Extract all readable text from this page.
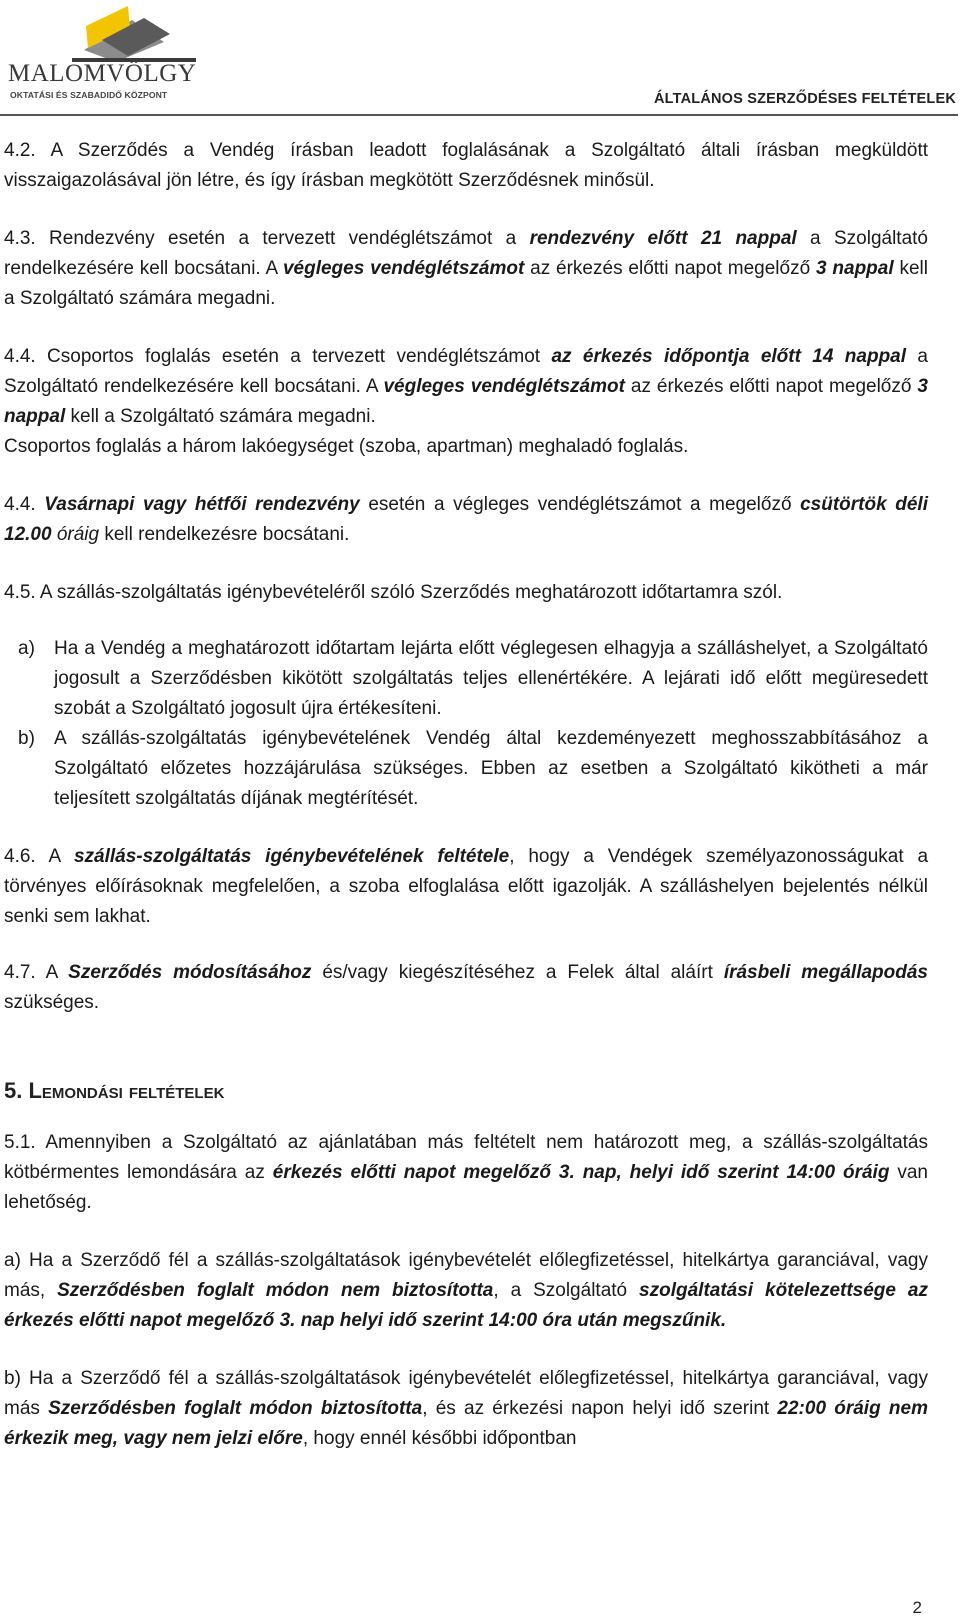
MALOMVÖLGY
OKTATÁSI ÉS SZABADIDŐ KÖZPONT	ÁLTALÁNOS SZERZŐDÉSES FELTÉTELEK

4.2. A Szerződés a Vendég írásban leadott foglalásának a Szolgáltató általi írásban megküldött visszaigazolásával jön létre, és így írásban megkötött Szerződésnek minősül.

4.3. Rendezvény esetén a tervezett vendéglétszámot a rendezvény előtt 21 nappal a Szolgáltató rendelkezésére kell bocsátani. A végleges vendéglétszámot az érkezés előtti napot megelőző 3 nappal kell a Szolgáltató számára megadni.

4.4. Csoportos foglalás esetén a tervezett vendéglétszámot az érkezés időpontja előtt 14 nappal a Szolgáltató rendelkezésére kell bocsátani. A végleges vendéglétszámot az érkezés előtti napot megelőző 3 nappal kell a Szolgáltató számára megadni.
Csoportos foglalás a három lakóegységet (szoba, apartman) meghaladó foglalás.

4.4. Vasárnapi vagy hétfői rendezvény esetén a végleges vendéglétszámot a megelőző csütörtök déli 12.00 óráig kell rendelkezésre bocsátani.

4.5. A szállás-szolgáltatás igénybevételéről szóló Szerződés meghatározott időtartamra szól.

a) Ha a Vendég a meghatározott időtartam lejárta előtt véglegesen elhagyja a szálláshelyet, a Szolgáltató jogosult a Szerződésben kikötött szolgáltatás teljes ellenértékére. A lejárati idő előtt megüresedett szobát a Szolgáltató jogosult újra értékesíteni.
b) A szállás-szolgáltatás igénybevételének Vendég által kezdeményezett meghosszabbításához a Szolgáltató előzetes hozzájárulása szükséges. Ebben az esetben a Szolgáltató kikötheti a már teljesített szolgáltatás díjának megtérítését.

4.6. A szállás-szolgáltatás igénybevételének feltétele, hogy a Vendégek személyazonosságukat a törvényes előírásoknak megfelelően, a szoba elfoglalása előtt igazolják. A szálláshelyen bejelentés nélkül senki sem lakhat.

4.7. A Szerződés módosításához és/vagy kiegészítéséhez a Felek által aláírt írásbeli megállapodás szükséges.

5. Lemondási feltételek

5.1. Amennyiben a Szolgáltató az ajánlatában más feltételt nem határozott meg, a szállás-szolgáltatás kötbérmentes lemondására az érkezés előtti napot megelőző 3. nap, helyi idő szerint 14:00 óráig van lehetőség.

a) Ha a Szerződő fél a szállás-szolgáltatások igénybevételét előlegfizetéssel, hitelkártya garanciával, vagy más, Szerződésben foglalt módon nem biztosította, a Szolgáltató szolgáltatási kötelezettsége az érkezés előtti napot megelőző 3. nap helyi idő szerint 14:00 óra után megszűnik.

b) Ha a Szerződő fél a szállás-szolgáltatások igénybevételét előlegfizetéssel, hitelkártya garanciával, vagy más Szerződésben foglalt módon biztosította, és az érkezési napon helyi idő szerint 22:00 óráig nem érkezik meg, vagy nem jelzi előre, hogy ennél későbbi időpontban

2
